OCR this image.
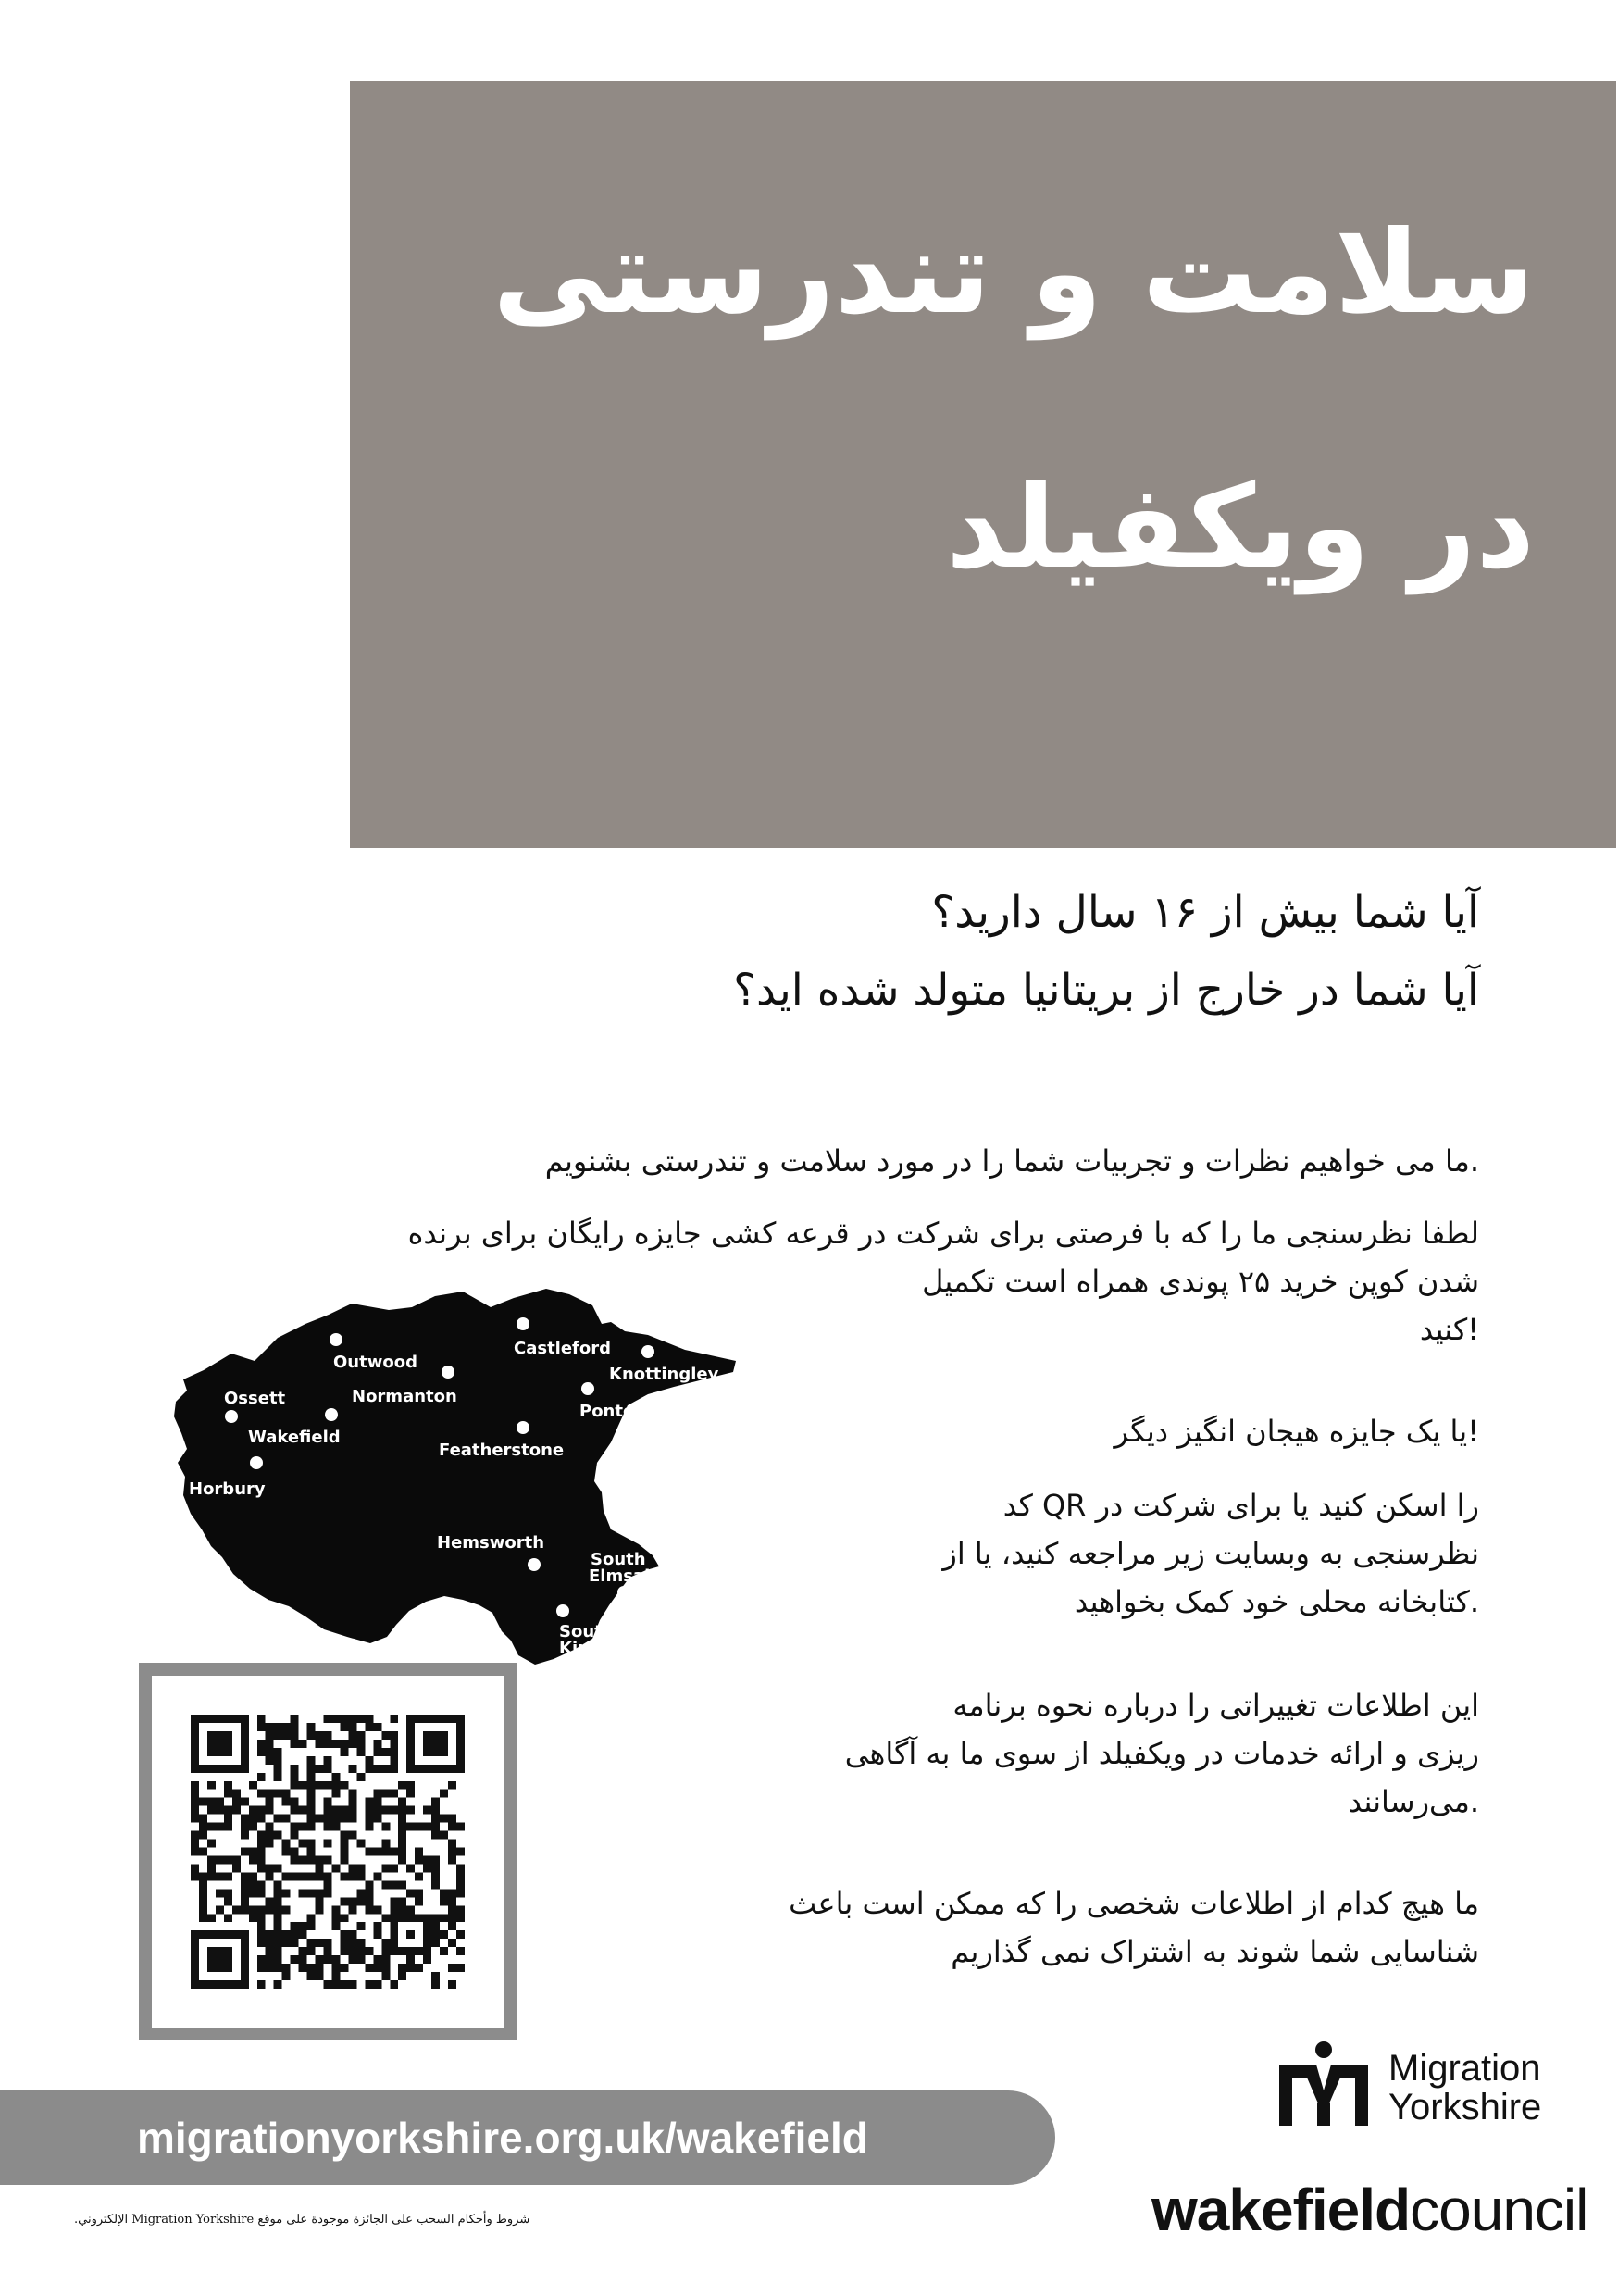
سلامت و تندرستی
در ویکفیلد
آیا شما بیش از ۱۶ سال دارید؟
آیا شما در خارج از بریتانیا متولد شده اید؟
.ما می خواهیم نظرات و تجربیات شما را در مورد سلامت و تندرستی بشنویم
لطفا نظرسنجی ما را که با فرصتی برای شرکت در قرعه کشی جایزه رایگان برای برنده
شدن کوپن خرید ۲۵ پوندی همراه است تکمیل
!کنید
!یا یک جایزه هیجان انگیز دیگر
را اسکن کنید یا برای شرکت در QR کد
نظرسنجی به وبسایت زیر مراجعه کنید، یا از
.کتابخانه محلی خود کمک بخواهید
این اطلاعات تغییراتی را درباره نحوه برنامه
ریزی و ارائه خدمات در ویکفیلد از سوی ما به آگاهی
.می‌رسانند
ما هیچ کدام از اطلاعات شخصی را که ممکن است باعث
شناسایی شما شوند به اشتراک نمی گذاریم
Castleford
Outwood
Knottingley
Normanton
Pontefract
Ossett
Wakefield
Featherstone
Horbury
Hemsworth
South
Elmsall
South
Kirkby
Migration
Yorkshire
migrationyorkshire.org.uk/wakefield
شروط وأحكام السحب على الجائزة موجودة على موقع Migration Yorkshire الإلكتروني.	wakefieldcouncil
